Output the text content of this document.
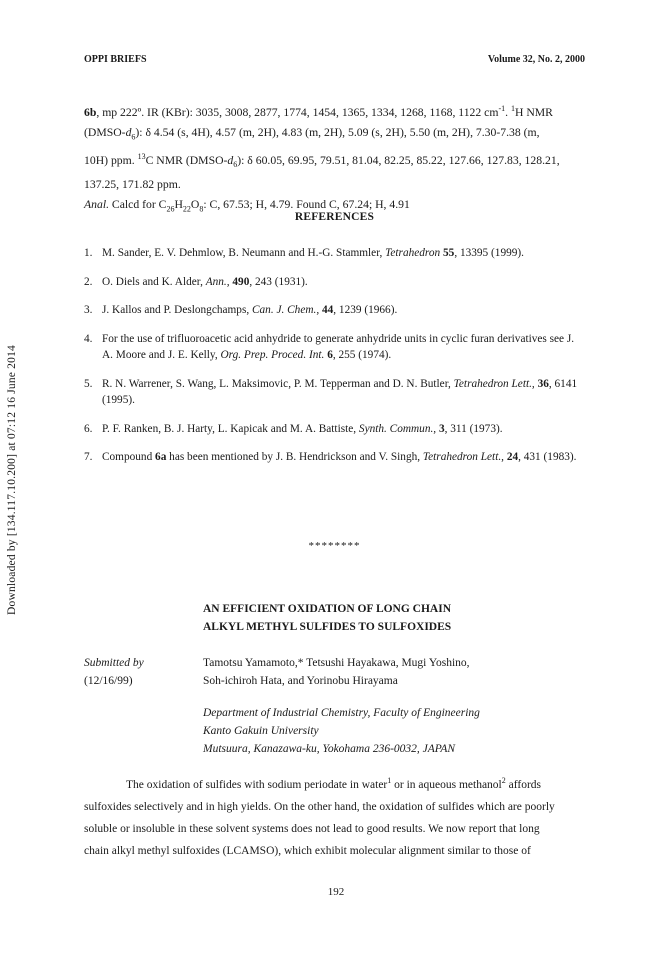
Downloaded by [134.117.10.200] at 07:12 16 June 2014
OPPI BRIEFS	Volume 32, No. 2, 2000
6b, mp 222º. IR (KBr): 3035, 3008, 2877, 1774, 1454, 1365, 1334, 1268, 1168, 1122 $cm^{-1}$. $^1$H NMR
$(DMSO-d_6)$: δ 4.54 (s, 4H), 4.57 (m, 2H), 4.83 (m, 2H), 5.09 (s, 2H), 5.50 (m, 2H), 7.30-7.38 (m,
10H) ppm. $^{13}$C NMR $(DMSO-d_6)$: δ 60.05, 69.95, 79.51, 81.04, 82.25, 85.22, 127.66, 127.83, 128.21,
137.25, 171.82 ppm.
Anal. Calcd for $C_{26}H_{22}O_8$: C, 67.53; H, 4.79. Found C, 67.24; H, 4.91
REFERENCES
1. M. Sander, E. V. Dehmlow, B. Neumann and H.-G. Stammler, Tetrahedron 55, 13395 (1999).
2. O. Diels and K. Alder, Ann., 490, 243 (1931).
3. J. Kallos and P. Deslongchamps, Can. J. Chem., 44, 1239 (1966).
4. For the use of trifluoroacetic acid anhydride to generate anhydride units in cyclic furan derivatives see J. A. Moore and J. E. Kelly, Org. Prep. Proced. Int. 6, 255 (1974).
5. R. N. Warrener, S. Wang, L. Maksimovic, P. M. Tepperman and D. N. Butler, Tetrahedron Lett., 36, 6141 (1995).
6. P. F. Ranken, B. J. Harty, L. Kapicak and M. A. Battiste, Synth. Commun., 3, 311 (1973).
7. Compound 6a has been mentioned by J. B. Hendrickson and V. Singh, Tetrahedron Lett., 24, 431 (1983).
********
AN EFFICIENT OXIDATION OF LONG CHAIN
ALKYL METHYL SULFIDES TO SULFOXIDES
Submitted by
(12/16/99)
Tamotsu Yamamoto,* Tetsushi Hayakawa, Mugi Yoshino,
Soh-ichiroh Hata, and Yorinobu Hirayama
Department of Industrial Chemistry, Faculty of Engineering
Kanto Gakuin University
Mutsuura, Kanazawa-ku, Yokohama 236-0032, JAPAN
The oxidation of sulfides with sodium periodate in water$^1$ or in aqueous methanol$^2$ affords
sulfoxides selectively and in high yields. On the other hand, the oxidation of sulfides which are poorly
soluble or insoluble in these solvent systems does not lead to good results. We now report that long
chain alkyl methyl sulfoxides (LCAMSO), which exhibit molecular alignment similar to those of
192
